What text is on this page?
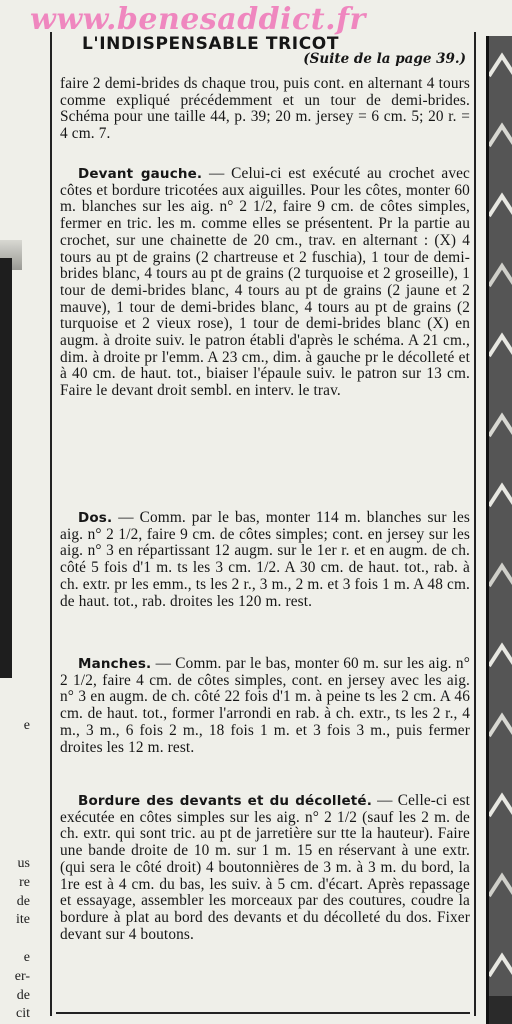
www.benesaddict.fr
e
us
re
de
ite
e
er-
de
cit
L'INDISPENSABLE TRICOT
(Suite de la page 39.)
faire 2 demi-brides ds chaque trou, puis cont. en alternant 4 tours comme expliqué précédemment et un tour de demi-brides. Schéma pour une taille 44, p. 39; 20 m. jersey = 6 cm. 5; 20 r. = 4 cm. 7.
Devant gauche. — Celui-ci est exécuté au crochet avec côtes et bordure tricotées aux aiguilles. Pour les côtes, monter 60 m. blanches sur les aig. n° 2 1/2, faire 9 cm. de côtes simples, fermer en tric. les m. comme elles se présentent. Pr la partie au crochet, sur une chainette de 20 cm., trav. en alternant : (X) 4 tours au pt de grains (2 chartreuse et 2 fuschia), 1 tour de demi-brides blanc, 4 tours au pt de grains (2 turquoise et 2 groseille), 1 tour de demi-brides blanc, 4 tours au pt de grains (2 jaune et 2 mauve), 1 tour de demi-brides blanc, 4 tours au pt de grains (2 turquoise et 2 vieux rose), 1 tour de demi-brides blanc (X) en augm. à droite suiv. le patron établi d'après le schéma. A 21 cm., dim. à droite pr l'emm. A 23 cm., dim. à gauche pr le décolleté et à 40 cm. de haut. tot., biaiser l'épaule suiv. le patron sur 13 cm. Faire le devant droit sembl. en interv. le trav.
Dos. — Comm. par le bas, monter 114 m. blanches sur les aig. n° 2 1/2, faire 9 cm. de côtes simples; cont. en jersey sur les aig. n° 3 en répartissant 12 augm. sur le 1er r. et en augm. de ch. côté 5 fois d'1 m. ts les 3 cm. 1/2. A 30 cm. de haut. tot., rab. à ch. extr. pr les emm., ts les 2 r., 3 m., 2 m. et 3 fois 1 m. A 48 cm. de haut. tot., rab. droites les 120 m. rest.
Manches. — Comm. par le bas, monter 60 m. sur les aig. n° 2 1/2, faire 4 cm. de côtes simples, cont. en jersey avec les aig. n° 3 en augm. de ch. côté 22 fois d'1 m. à peine ts les 2 cm. A 46 cm. de haut. tot., former l'arrondi en rab. à ch. extr., ts les 2 r., 4 m., 3 m., 6 fois 2 m., 18 fois 1 m. et 3 fois 3 m., puis fermer droites les 12 m. rest.
Bordure des devants et du décolleté. — Celle-ci est exécutée en côtes simples sur les aig. n° 2 1/2 (sauf les 2 m. de ch. extr. qui sont tric. au pt de jarretière sur tte la hauteur). Faire une bande droite de 10 m. sur 1 m. 15 en réservant à une extr. (qui sera le côté droit) 4 boutonnières de 3 m. à 3 m. du bord, la 1re est à 4 cm. du bas, les suiv. à 5 cm. d'écart. Après repassage et essayage, assembler les morceaux par des coutures, coudre la bordure à plat au bord des devants et du décolleté du dos. Fixer devant sur 4 boutons.
